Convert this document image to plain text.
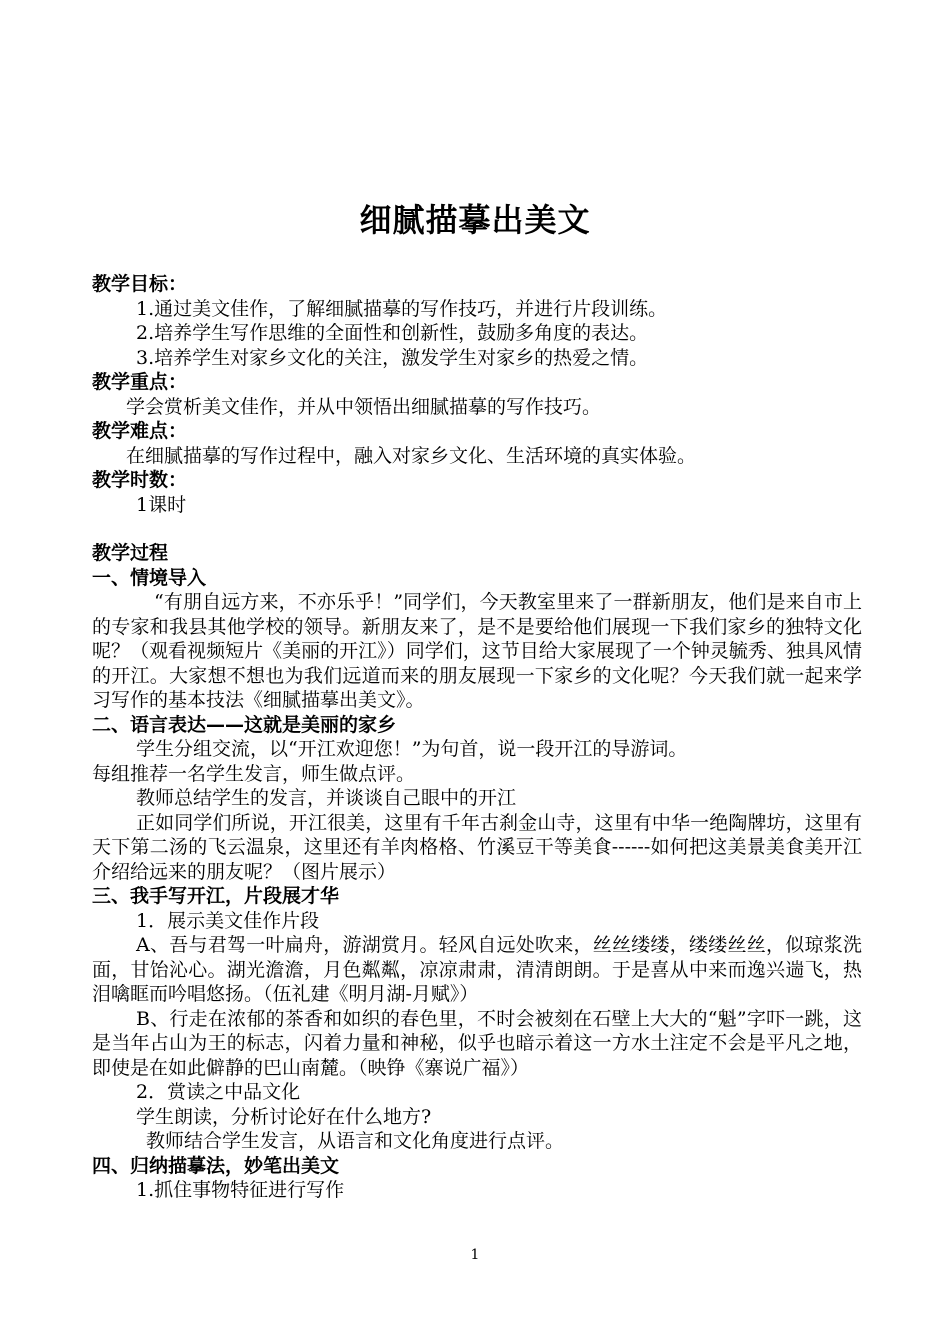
细腻描摹出美文

教学目标：

1.通过美文佳作，了解细腻描摹的写作技巧，并进行片段训练。

2.培养学生写作思维的全面性和创新性，鼓励多角度的表达。

3.培养学生对家乡文化的关注，激发学生对家乡的热爱之情。

教学重点：

学会赏析美文佳作，并从中领悟出细腻描摹的写作技巧。

教学难点：

在细腻描摹的写作过程中，融入对家乡文化、生活环境的真实体验。

教学时数：

1课时

教学过程

一、情境导入

“有朋自远方来，不亦乐乎！”同学们，今天教室里来了一群新朋友，他们是来自市上的专家和我县其他学校的领导。新朋友来了，是不是要给他们展现一下我们家乡的独特文化呢？（观看视频短片《美丽的开江》）同学们，这节目给大家展现了一个钟灵毓秀、独具风情的开江。大家想不想也为我们远道而来的朋友展现一下家乡的文化呢？今天我们就一起来学习写作的基本技法《细腻描摹出美文》。

二、语言表达——这就是美丽的家乡

学生分组交流，以“开江欢迎您！”为句首，说一段开江的导游词。

每组推荐一名学生发言，师生做点评。

教师总结学生的发言，并谈谈自己眼中的开江

正如同学们所说，开江很美，这里有千年古刹金山寺，这里有中华一绝陶牌坊，这里有天下第二汤的飞云温泉，这里还有羊肉格格、竹溪豆干等美食------如何把这美景美食美开江介绍给远来的朋友呢？（图片展示）

三、我手写开江，片段展才华

1．展示美文佳作片段

A、吾与君驾一叶扁舟，游湖赏月。轻风自远处吹来，丝丝缕缕，缕缕丝丝，似琼浆洗面，甘饴沁心。湖光澹澹，月色粼粼，凉凉肃肃，清清朗朗。于是喜从中来而逸兴遄飞，热泪噙眶而吟唱悠扬。（伍礼建《明月湖-月赋》）

B、行走在浓郁的茶香和如织的春色里，不时会被刻在石壁上大大的“魁”字吓一跳，这是当年占山为王的标志，闪着力量和神秘，似乎也暗示着这一方水土注定不会是平凡之地，即使是在如此僻静的巴山南麓。（映铮《寨说广福》）

2．赏读之中品文化

学生朗读，分析讨论好在什么地方?

教师结合学生发言，从语言和文化角度进行点评。

四、归纳描摹法，妙笔出美文

1.抓住事物特征进行写作

1
